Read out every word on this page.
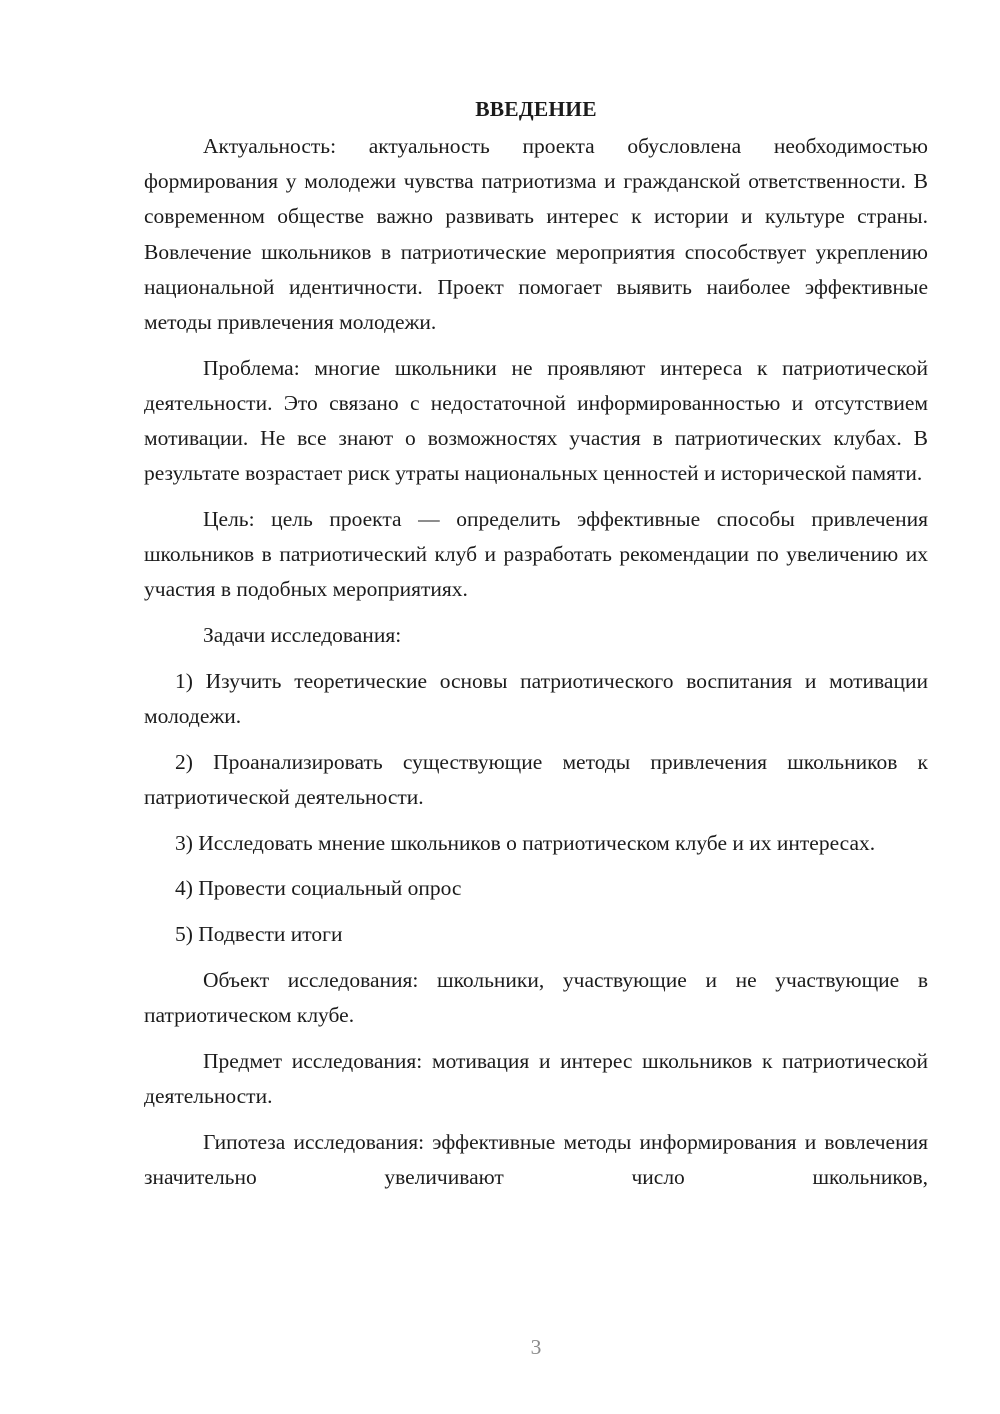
ВВЕДЕНИЕ

Актуальность: актуальность проекта обусловлена необходимостью формирования у молодежи чувства патриотизма и гражданской ответственности. В современном обществе важно развивать интерес к истории и культуре страны. Вовлечение школьников в патриотические мероприятия способствует укреплению национальной идентичности. Проект помогает выявить наиболее эффективные методы привлечения молодежи.

Проблема: многие школьники не проявляют интереса к патриотической деятельности. Это связано с недостаточной информированностью и отсутствием мотивации. Не все знают о возможностях участия в патриотических клубах. В результате возрастает риск утраты национальных ценностей и исторической памяти.

Цель: цель проекта — определить эффективные способы привлечения школьников в патриотический клуб и разработать рекомендации по увеличению их участия в подобных мероприятиях.

Задачи исследования:

1) Изучить теоретические основы патриотического воспитания и мотивации молодежи.

2) Проанализировать существующие методы привлечения школьников к патриотической деятельности.

3) Исследовать мнение школьников о патриотическом клубе и их интересах.

4) Провести социальный опрос

5) Подвести итоги

Объект исследования: школьники, участвующие и не участвующие в патриотическом клубе.

Предмет исследования: мотивация и интерес школьников к патриотической деятельности.

Гипотеза исследования: эффективные методы информирования и вовлечения значительно увеличивают число школьников,

3
